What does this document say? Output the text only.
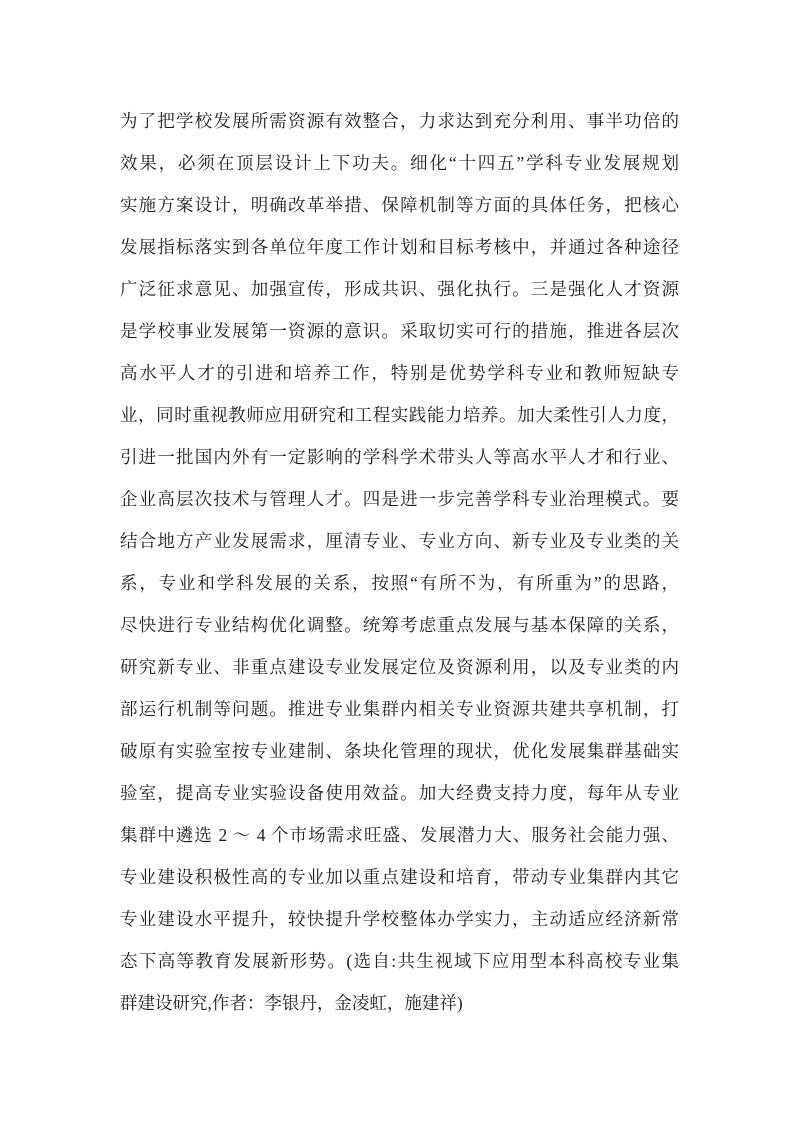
为了把学校发展所需资源有效整合，力求达到充分利用、事半功倍的
效果，必须在顶层设计上下功夫。细化“十四五”学科专业发展规划
实施方案设计，明确改革举措、保障机制等方面的具体任务，把核心
发展指标落实到各单位年度工作计划和目标考核中，并通过各种途径
广泛征求意见、加强宣传，形成共识、强化执行。三是强化人才资源
是学校事业发展第一资源的意识。采取切实可行的措施，推进各层次
高水平人才的引进和培养工作，特别是优势学科专业和教师短缺专
业，同时重视教师应用研究和工程实践能力培养。加大柔性引人力度，
引进一批国内外有一定影响的学科学术带头人等高水平人才和行业、
企业高层次技术与管理人才。四是进一步完善学科专业治理模式。要
结合地方产业发展需求，厘清专业、专业方向、新专业及专业类的关
系，专业和学科发展的关系，按照“有所不为，有所重为”的思路，
尽快进行专业结构优化调整。统筹考虑重点发展与基本保障的关系，
研究新专业、非重点建设专业发展定位及资源利用，以及专业类的内
部运行机制等问题。推进专业集群内相关专业资源共建共享机制，打
破原有实验室按专业建制、条块化管理的现状，优化发展集群基础实
验室，提高专业实验设备使用效益。加大经费支持力度，每年从专业
集群中遴选 2 ～ 4 个市场需求旺盛、发展潜力大、服务社会能力强、
专业建设积极性高的专业加以重点建设和培育，带动专业集群内其它
专业建设水平提升，较快提升学校整体办学实力，主动适应经济新常
态下高等教育发展新形势。(选自:共生视域下应用型本科高校专业集
群建设研究,作者：李银丹，金凌虹，施建祥)
